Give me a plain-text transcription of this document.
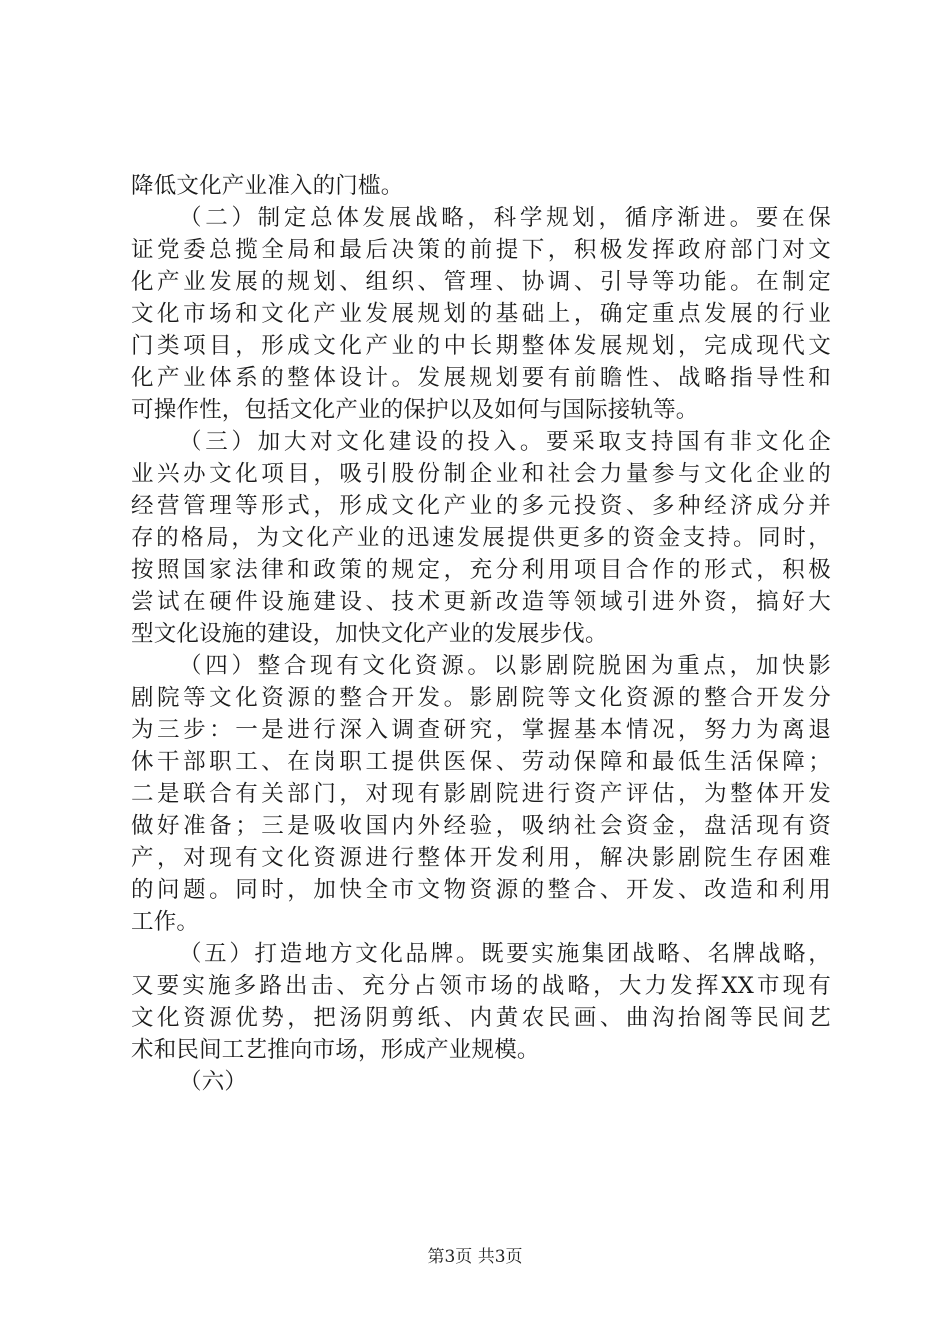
降低文化产业准入的门槛。
（二）制定总体发展战略，科学规划，循序渐进。要在保
证党委总揽全局和最后决策的前提下，积极发挥政府部门对文
化产业发展的规划、组织、管理、协调、引导等功能。在制定
文化市场和文化产业发展规划的基础上，确定重点发展的行业
门类项目，形成文化产业的中长期整体发展规划，完成现代文
化产业体系的整体设计。发展规划要有前瞻性、战略指导性和
可操作性，包括文化产业的保护以及如何与国际接轨等。
（三）加大对文化建设的投入。要采取支持国有非文化企
业兴办文化项目，吸引股份制企业和社会力量参与文化企业的
经营管理等形式，形成文化产业的多元投资、多种经济成分并
存的格局，为文化产业的迅速发展提供更多的资金支持。同时，
按照国家法律和政策的规定，充分利用项目合作的形式，积极
尝试在硬件设施建设、技术更新改造等领域引进外资，搞好大
型文化设施的建设，加快文化产业的发展步伐。
（四）整合现有文化资源。以影剧院脱困为重点，加快影
剧院等文化资源的整合开发。影剧院等文化资源的整合开发分
为三步：一是进行深入调查研究，掌握基本情况，努力为离退
休干部职工、在岗职工提供医保、劳动保障和最低生活保障；
二是联合有关部门，对现有影剧院进行资产评估，为整体开发
做好准备；三是吸收国内外经验，吸纳社会资金，盘活现有资
产，对现有文化资源进行整体开发利用，解决影剧院生存困难
的问题。同时，加快全市文物资源的整合、开发、改造和利用
工作。
（五）打造地方文化品牌。既要实施集团战略、名牌战略，
又要实施多路出击、充分占领市场的战略，大力发挥XX市现有
文化资源优势，把汤阴剪纸、内黄农民画、曲沟抬阁等民间艺
术和民间工艺推向市场，形成产业规模。
（六）
第3页 共3页
